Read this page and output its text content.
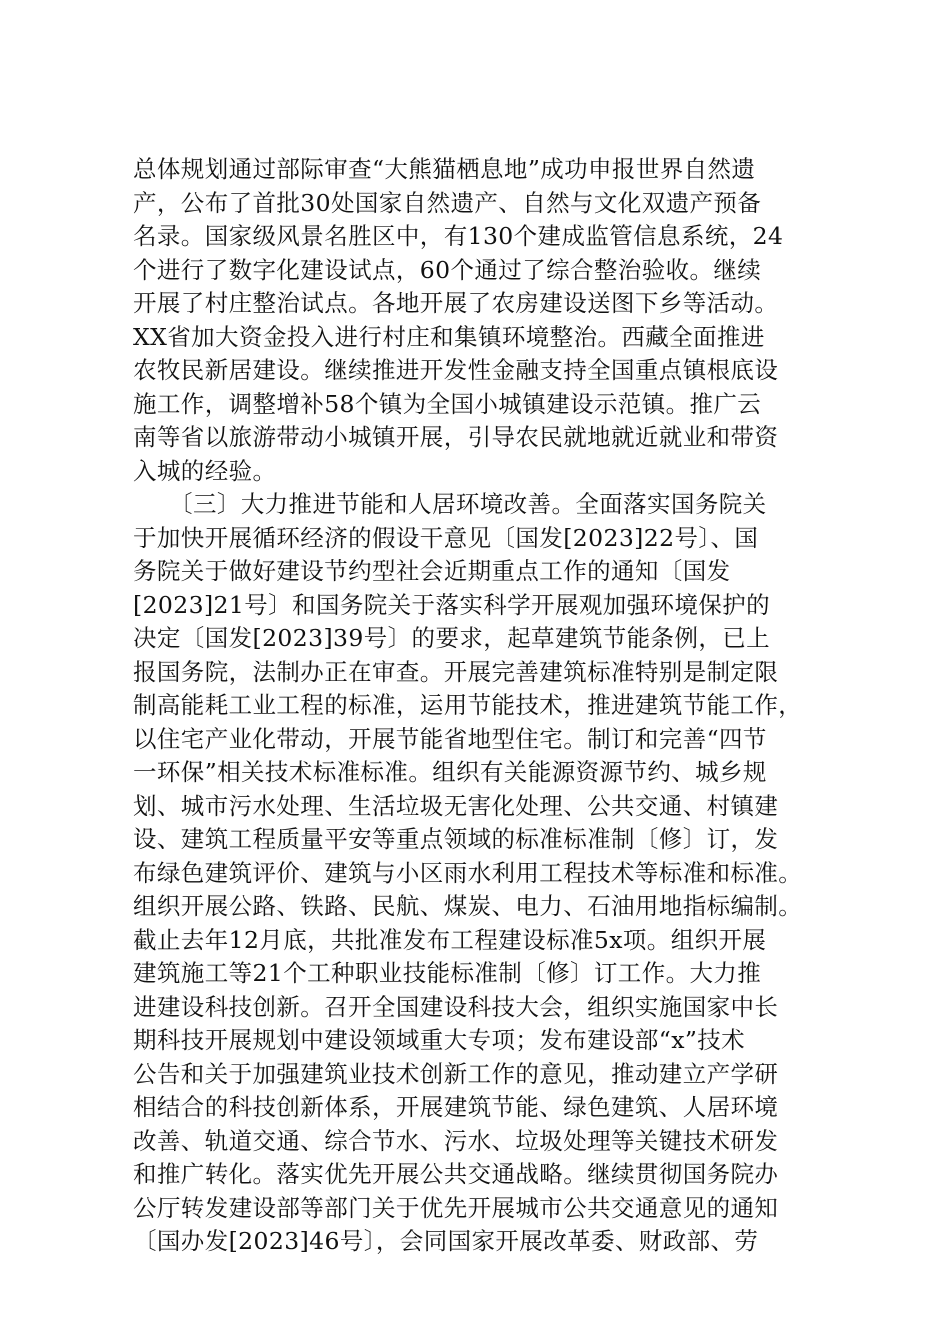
总体规划通过部际审查“大熊猫栖息地”成功申报世界自然遗
产，公布了首批30处国家自然遗产、自然与文化双遗产预备
名录。国家级风景名胜区中，有130个建成监管信息系统，24
个进行了数字化建设试点，60个通过了综合整治验收。继续
开展了村庄整治试点。各地开展了农房建设送图下乡等活动。
XX省加大资金投入进行村庄和集镇环境整治。西藏全面推进
农牧民新居建设。继续推进开发性金融支持全国重点镇根底设
施工作，调整增补58个镇为全国小城镇建设示范镇。推广云
南等省以旅游带动小城镇开展，引导农民就地就近就业和带资
入城的经验。
　　〔三〕大力推进节能和人居环境改善。全面落实国务院关
于加快开展循环经济的假设干意见〔国发[2023]22号〕、国
务院关于做好建设节约型社会近期重点工作的通知〔国发
[2023]21号〕和国务院关于落实科学开展观加强环境保护的
决定〔国发[2023]39号〕的要求，起草建筑节能条例，已上
报国务院，法制办正在审查。开展完善建筑标准特别是制定限
制高能耗工业工程的标准，运用节能技术，推进建筑节能工作，
以住宅产业化带动，开展节能省地型住宅。制订和完善“四节
一环保”相关技术标准标准。组织有关能源资源节约、城乡规
划、城市污水处理、生活垃圾无害化处理、公共交通、村镇建
设、建筑工程质量平安等重点领域的标准标准制〔修〕订，发
布绿色建筑评价、建筑与小区雨水利用工程技术等标准和标准。
组织开展公路、铁路、民航、煤炭、电力、石油用地指标编制。
截止去年12月底，共批准发布工程建设标准5x项。组织开展
建筑施工等21个工种职业技能标准制〔修〕订工作。大力推
进建设科技创新。召开全国建设科技大会，组织实施国家中长
期科技开展规划中建设领域重大专项；发布建设部“x”技术
公告和关于加强建筑业技术创新工作的意见，推动建立产学研
相结合的科技创新体系，开展建筑节能、绿色建筑、人居环境
改善、轨道交通、综合节水、污水、垃圾处理等关键技术研发
和推广转化。落实优先开展公共交通战略。继续贯彻国务院办
公厅转发建设部等部门关于优先开展城市公共交通意见的通知
〔国办发[2023]46号〕，会同国家开展改革委、财政部、劳
